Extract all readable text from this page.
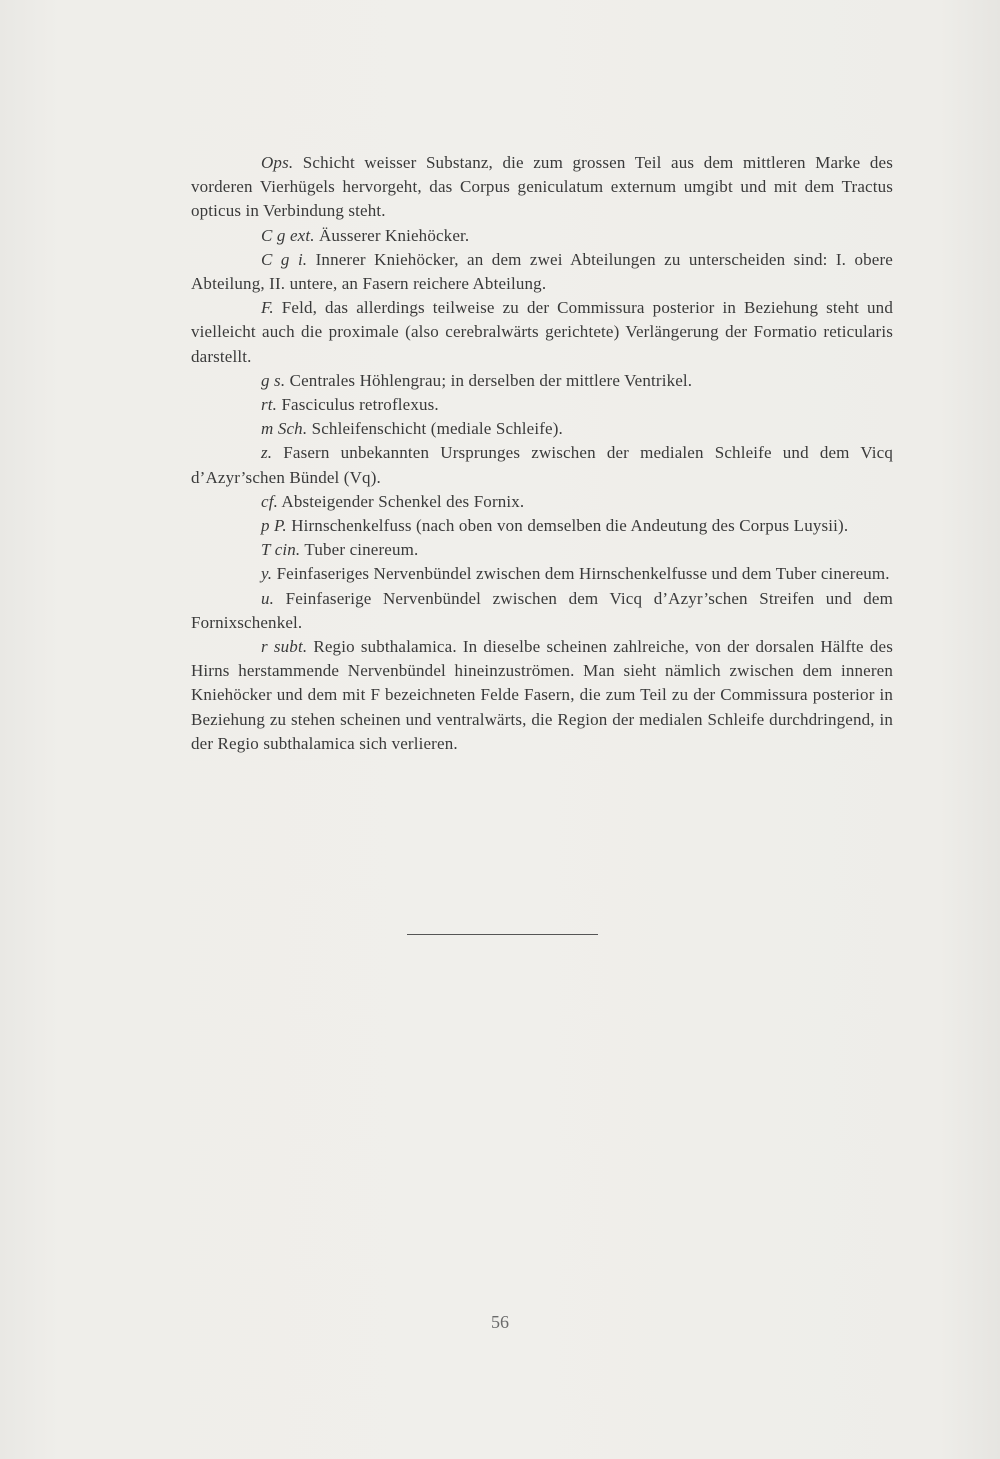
Ops. Schicht weisser Substanz, die zum grossen Teil aus dem mittleren Marke des vorderen Vierhügels hervorgeht, das Corpus geniculatum externum umgibt und mit dem Tractus opticus in Verbindung steht.

C g ext. Äusserer Kniehöcker.

C g i. Innerer Kniehöcker, an dem zwei Abteilungen zu unterscheiden sind: I. obere Abteilung, II. untere, an Fasern reichere Abteilung.

F. Feld, das allerdings teilweise zu der Commissura posterior in Beziehung steht und vielleicht auch die proximale (also cerebralwärts gerichtete) Verlängerung der Formatio reticularis darstellt.

g s. Centrales Höhlengrau; in derselben der mittlere Ventrikel.

rt. Fasciculus retroflexus.

m Sch. Schleifenschicht (mediale Schleife).

z. Fasern unbekannten Ursprunges zwischen der medialen Schleife und dem Vicq d’Azyr’schen Bündel (Vq).

cf. Absteigender Schenkel des Fornix.

p P. Hirnschenkelfuss (nach oben von demselben die Andeutung des Corpus Luysii).

T cin. Tuber cinereum.

y. Feinfaseriges Nervenbündel zwischen dem Hirnschenkelfusse und dem Tuber cinereum.

u. Feinfaserige Nervenbündel zwischen dem Vicq d’Azyr’schen Streifen und dem Fornixschenkel.

r subt. Regio subthalamica. In dieselbe scheinen zahlreiche, von der dorsalen Hälfte des Hirns herstammende Nervenbündel hineinzuströmen. Man sieht nämlich zwischen dem inneren Kniehöcker und dem mit F bezeichneten Felde Fasern, die zum Teil zu der Commissura posterior in Beziehung zu stehen scheinen und ventralwärts, die Region der medialen Schleife durchdringend, in der Regio subthalamica sich verlieren.

56
